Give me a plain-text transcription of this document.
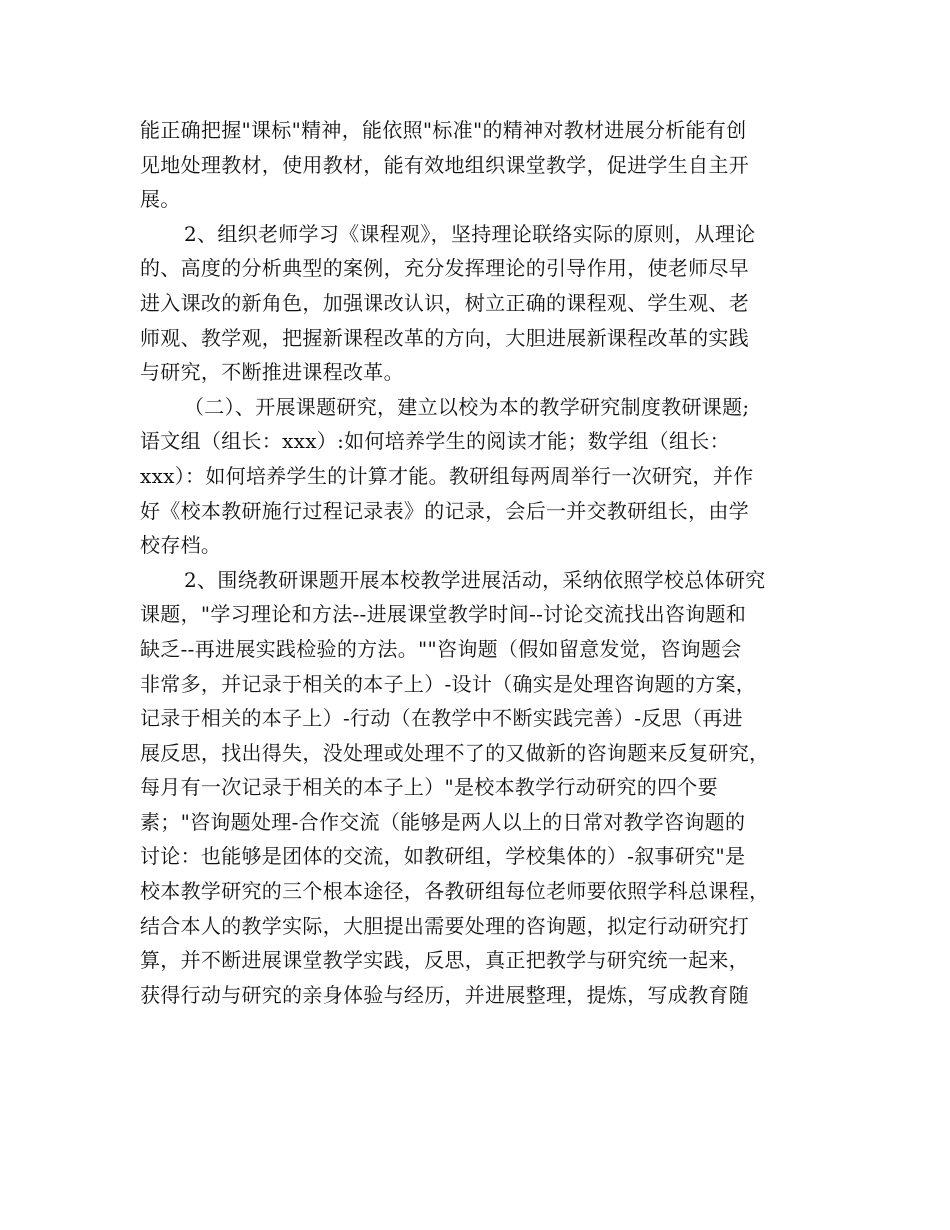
能正确把握"课标"精神，能依照"标准"的精神对教材进展分析能有创
见地处理教材，使用教材，能有效地组织课堂教学，促进学生自主开
展。
2、组织老师学习《课程观》，坚持理论联络实际的原则，从理论
的、高度的分析典型的案例，充分发挥理论的引导作用，使老师尽早
进入课改的新角色，加强课改认识，树立正确的课程观、学生观、老
师观、教学观，把握新课程改革的方向，大胆进展新课程改革的实践
与研究，不断推进课程改革。
（二）、开展课题研究，建立以校为本的教学研究制度教研课题;
语文组（组长：xxx）:如何培养学生的阅读才能；数学组（组长：
xxx）：如何培养学生的计算才能。教研组每两周举行一次研究，并作
好《校本教研施行过程记录表》的记录，会后一并交教研组长，由学
校存档。
2、围绕教研课题开展本校教学进展活动，采纳依照学校总体研究
课题，"学习理论和方法--进展课堂教学时间--讨论交流找出咨询题和
缺乏--再进展实践检验的方法。""咨询题（假如留意发觉，咨询题会
非常多，并记录于相关的本子上）-设计（确实是处理咨询题的方案，
记录于相关的本子上）-行动（在教学中不断实践完善）-反思（再进
展反思，找出得失，没处理或处理不了的又做新的咨询题来反复研究，
每月有一次记录于相关的本子上）"是校本教学行动研究的四个要
素；"咨询题处理-合作交流（能够是两人以上的日常对教学咨询题的
讨论：也能够是团体的交流，如教研组，学校集体的）-叙事研究"是
校本教学研究的三个根本途径，各教研组每位老师要依照学科总课程，
结合本人的教学实际，大胆提出需要处理的咨询题，拟定行动研究打
算，并不断进展课堂教学实践，反思，真正把教学与研究统一起来，
获得行动与研究的亲身体验与经历，并进展整理，提炼，写成教育随
